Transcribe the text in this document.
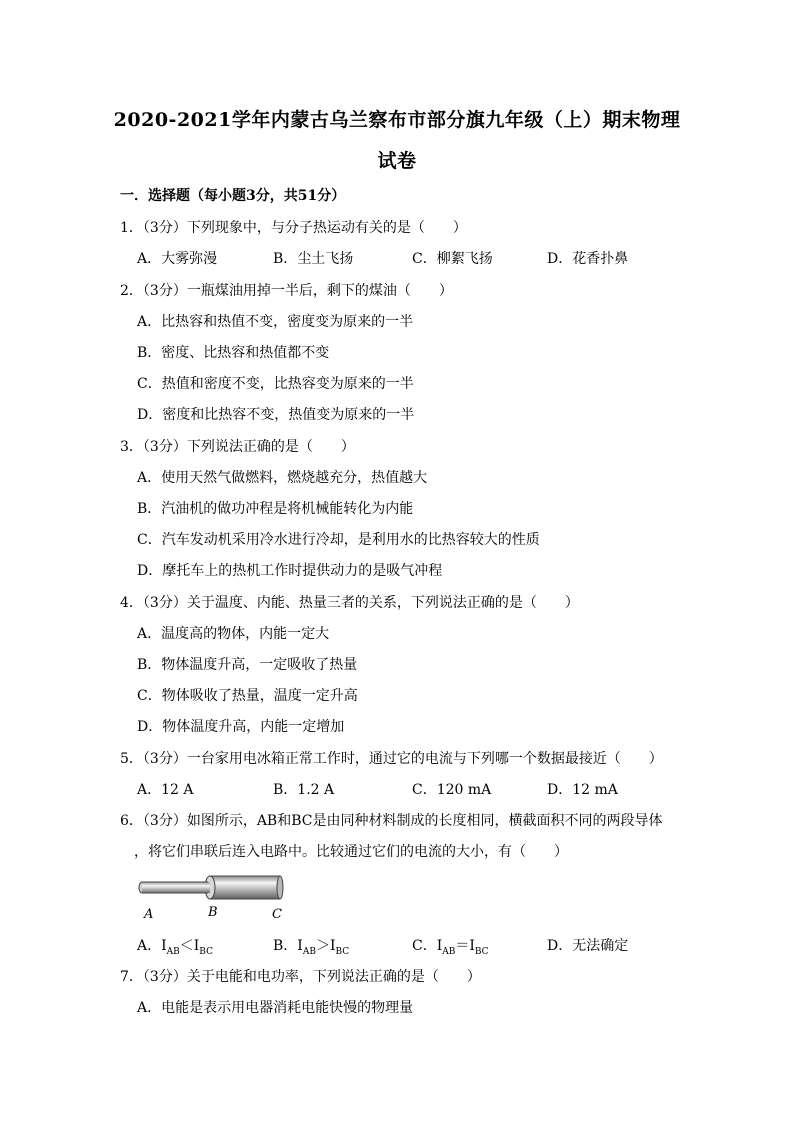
2020-2021学年内蒙古乌兰察布市部分旗九年级（上）期末物理
试卷
一．选择题（每小题3分，共51分）
1．（3分）下列现象中，与分子热运动有关的是（　　）
A．大雾弥漫	B．尘土飞扬	C．柳絮飞扬	D．花香扑鼻
2．（3分）一瓶煤油用掉一半后，剩下的煤油（　　）
A．比热容和热值不变，密度变为原来的一半
B．密度、比热容和热值都不变
C．热值和密度不变，比热容变为原来的一半
D．密度和比热容不变，热值变为原来的一半
3．（3分）下列说法正确的是（　　）
A．使用天然气做燃料，燃烧越充分，热值越大
B．汽油机的做功冲程是将机械能转化为内能
C．汽车发动机采用冷水进行冷却，是利用水的比热容较大的性质
D．摩托车上的热机工作时提供动力的是吸气冲程
4．（3分）关于温度、内能、热量三者的关系，下列说法正确的是（　　）
A．温度高的物体，内能一定大
B．物体温度升高，一定吸收了热量
C．物体吸收了热量，温度一定升高
D．物体温度升高，内能一定增加
5．（3分）一台家用电冰箱正常工作时，通过它的电流与下列哪一个数据最接近（　　）
A．12 A	B．1.2 A	C．120 mA	D．12 mA
6．（3分）如图所示，AB和BC是由同种材料制成的长度相同，横截面积不同的两段导体
，将它们串联后连入电路中。比较通过它们的电流的大小，有（　　）
A	B	C
A．$I_{AB}<I_{BC}$	B．$I_{AB}>I_{BC}$	C．$I_{AB}=I_{BC}$	D．无法确定
7．（3分）关于电能和电功率，下列说法正确的是（　　）
A．电能是表示用电器消耗电能快慢的物理量
